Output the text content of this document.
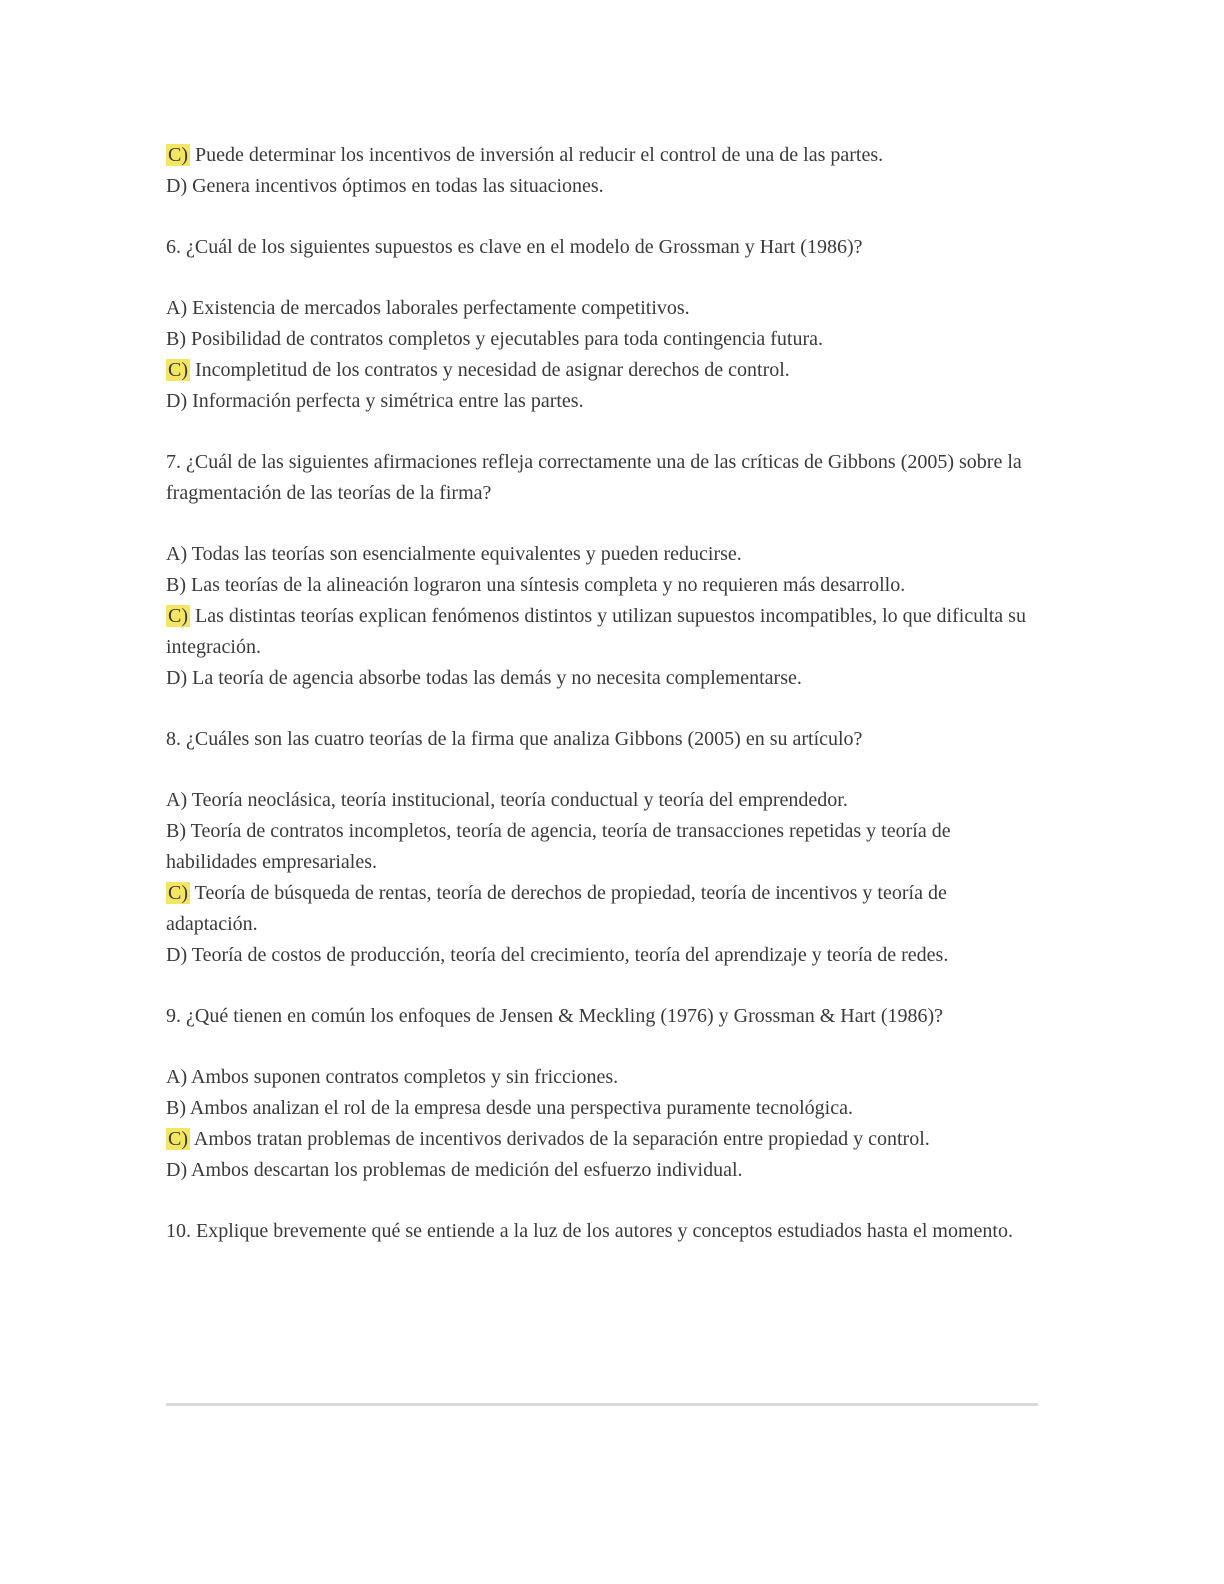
C) Puede determinar los incentivos de inversión al reducir el control de una de las partes.

D) Genera incentivos óptimos en todas las situaciones.

6. ¿Cuál de los siguientes supuestos es clave en el modelo de Grossman y Hart (1986)?

A) Existencia de mercados laborales perfectamente competitivos.

B) Posibilidad de contratos completos y ejecutables para toda contingencia futura.

C) Incompletitud de los contratos y necesidad de asignar derechos de control.

D) Información perfecta y simétrica entre las partes.

7. ¿Cuál de las siguientes afirmaciones refleja correctamente una de las críticas de Gibbons (2005) sobre la fragmentación de las teorías de la firma?

A) Todas las teorías son esencialmente equivalentes y pueden reducirse.

B) Las teorías de la alineación lograron una síntesis completa y no requieren más desarrollo.

C) Las distintas teorías explican fenómenos distintos y utilizan supuestos incompatibles, lo que dificulta su integración.

D) La teoría de agencia absorbe todas las demás y no necesita complementarse.

8. ¿Cuáles son las cuatro teorías de la firma que analiza Gibbons (2005) en su artículo?

A) Teoría neoclásica, teoría institucional, teoría conductual y teoría del emprendedor.

B) Teoría de contratos incompletos, teoría de agencia, teoría de transacciones repetidas y teoría de habilidades empresariales.

C) Teoría de búsqueda de rentas, teoría de derechos de propiedad, teoría de incentivos y teoría de adaptación.

D) Teoría de costos de producción, teoría del crecimiento, teoría del aprendizaje y teoría de redes.

9. ¿Qué tienen en común los enfoques de Jensen & Meckling (1976) y Grossman & Hart (1986)?

A) Ambos suponen contratos completos y sin fricciones.

B) Ambos analizan el rol de la empresa desde una perspectiva puramente tecnológica.

C) Ambos tratan problemas de incentivos derivados de la separación entre propiedad y control.

D) Ambos descartan los problemas de medición del esfuerzo individual.

10. Explique brevemente qué se entiende a la luz de los autores y conceptos estudiados hasta el momento.
